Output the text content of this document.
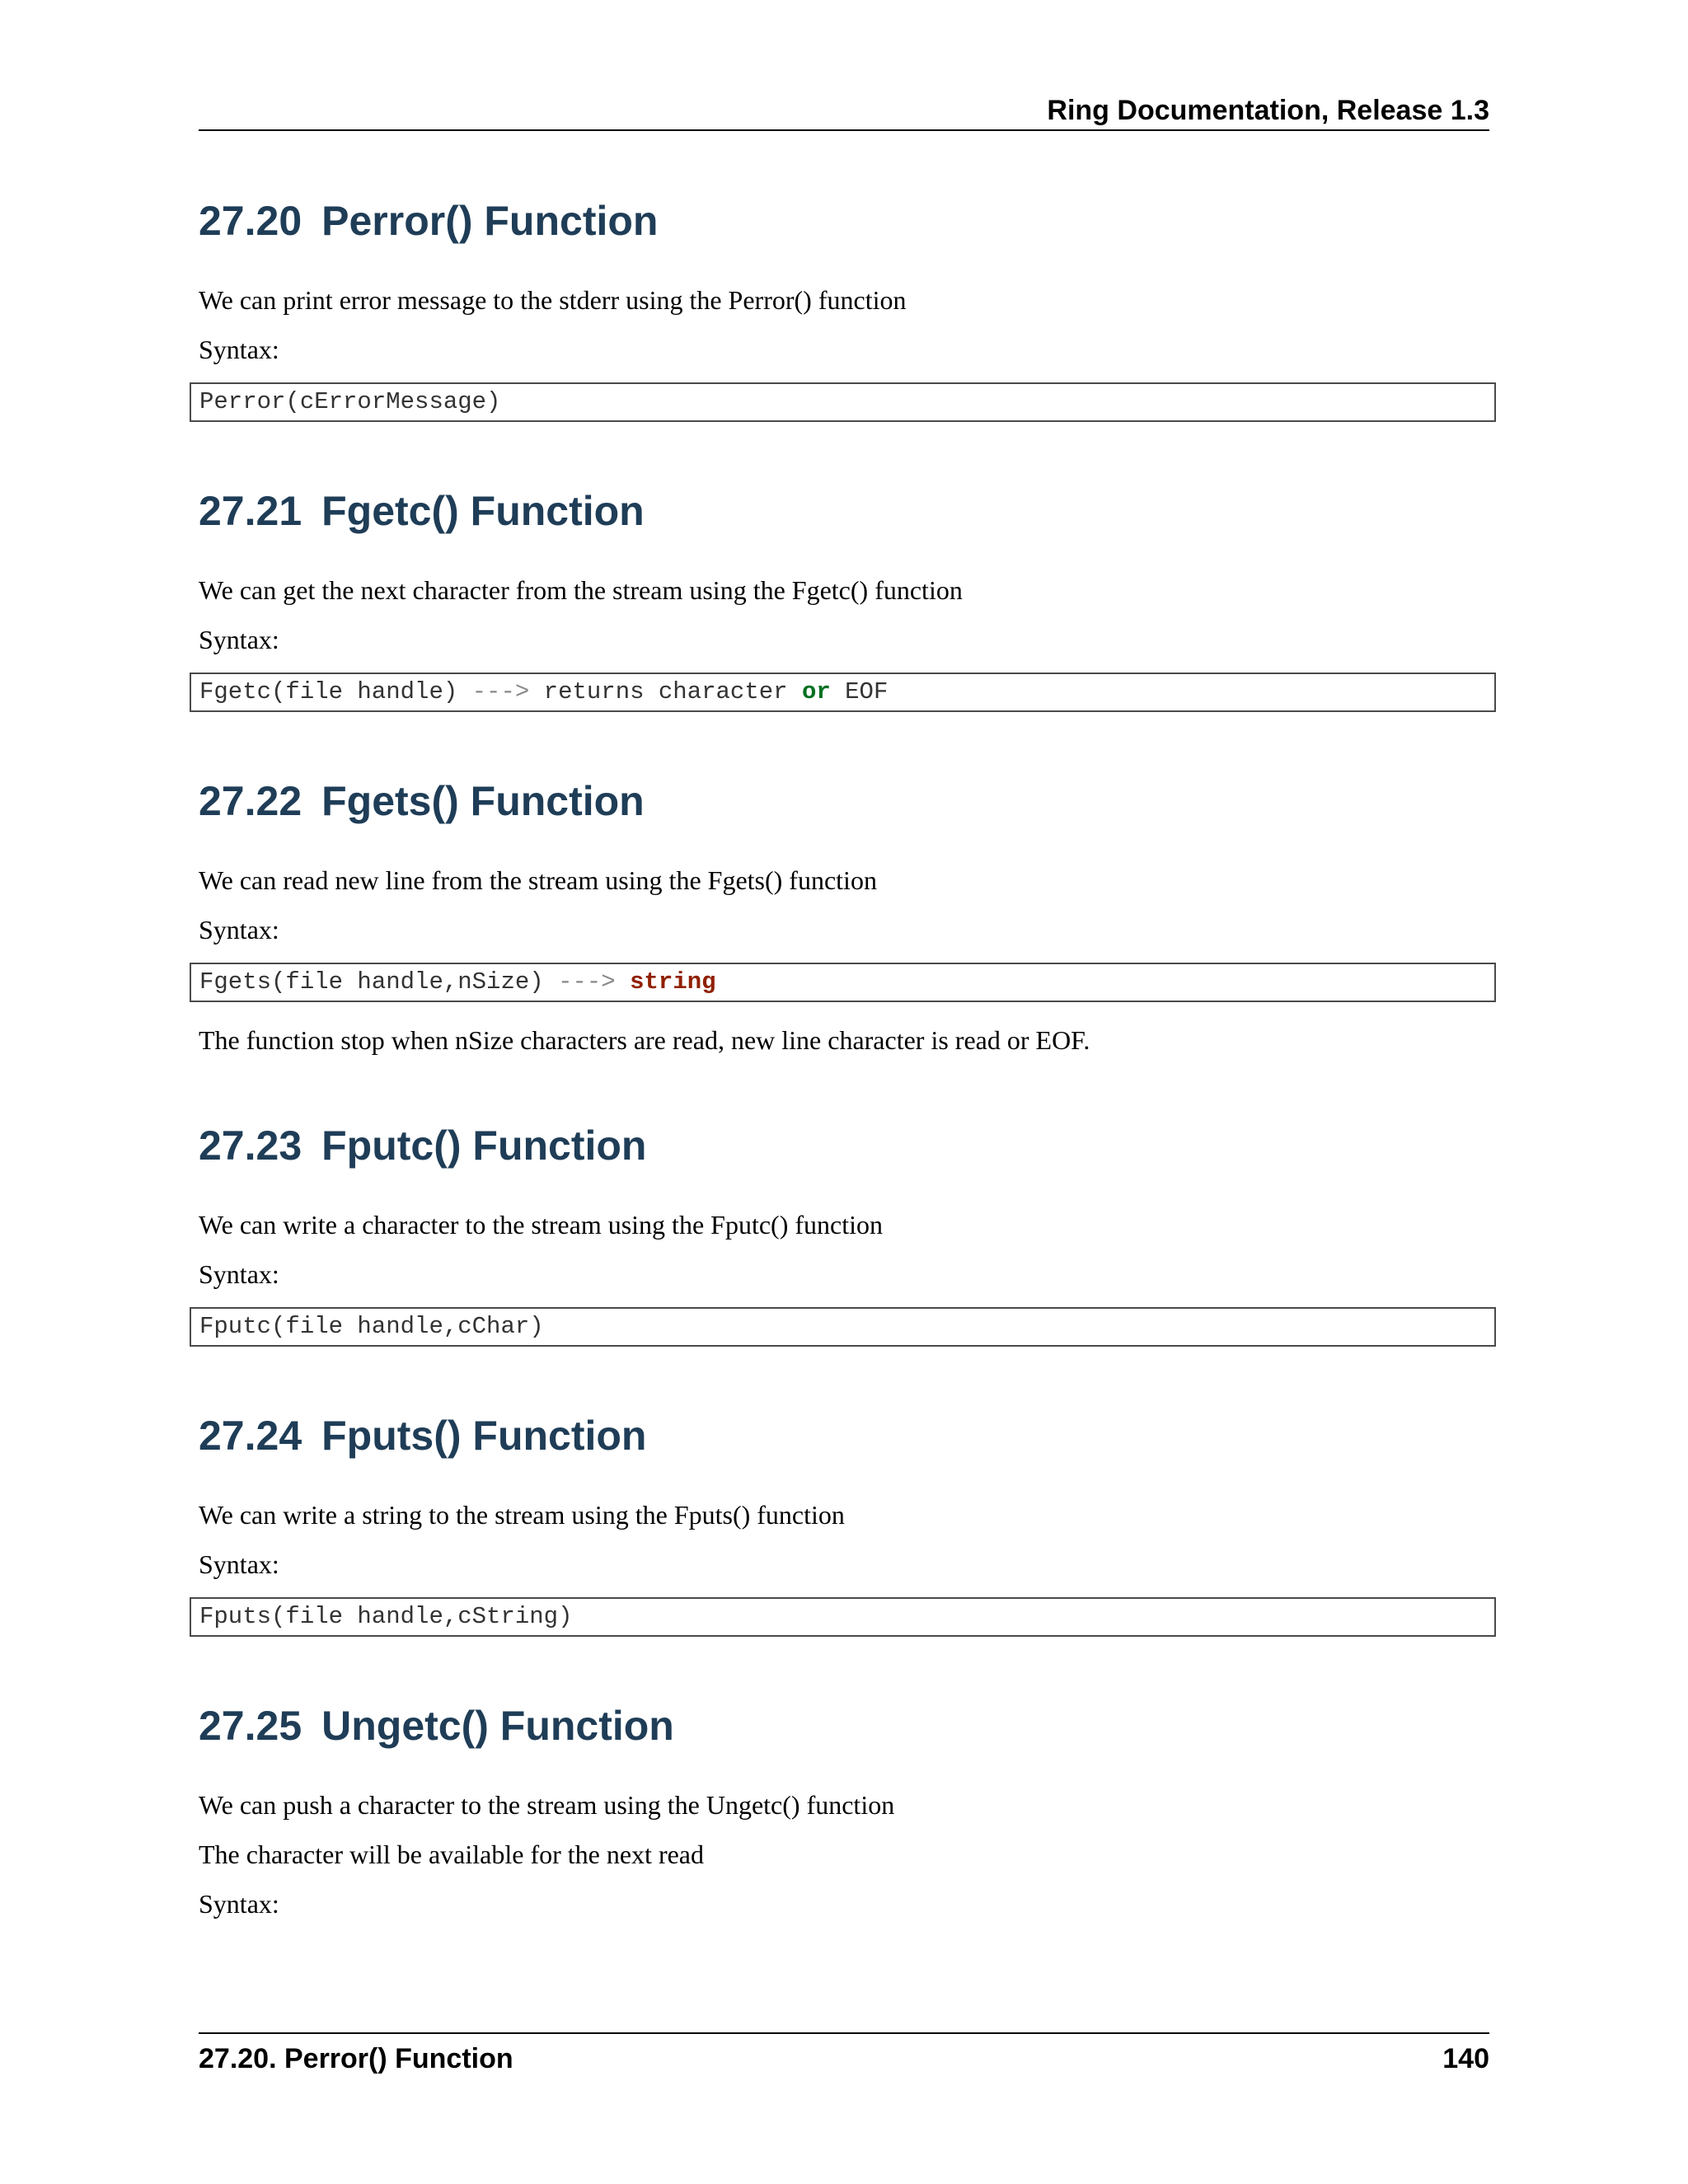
Ring Documentation, Release 1.3
27.20 Perror() Function

We can print error message to the stderr using the Perror() function

Syntax:

Perror(cErrorMessage)
27.21 Fgetc() Function

We can get the next character from the stream using the Fgetc() function

Syntax:

Fgetc(file handle) ---> returns character or EOF
27.22 Fgets() Function

We can read new line from the stream using the Fgets() function

Syntax:

Fgets(file handle,nSize) ---> string

The function stop when nSize characters are read, new line character is read or EOF.

27.23 Fputc() Function

We can write a character to the stream using the Fputc() function

Syntax:

Fputc(file handle,cChar)
27.24 Fputs() Function

We can write a string to the stream using the Fputs() function

Syntax:

Fputs(file handle,cString)
27.25 Ungetc() Function

We can push a character to the stream using the Ungetc() function

The character will be available for the next read

Syntax:

27.20. Perror() Function	140
